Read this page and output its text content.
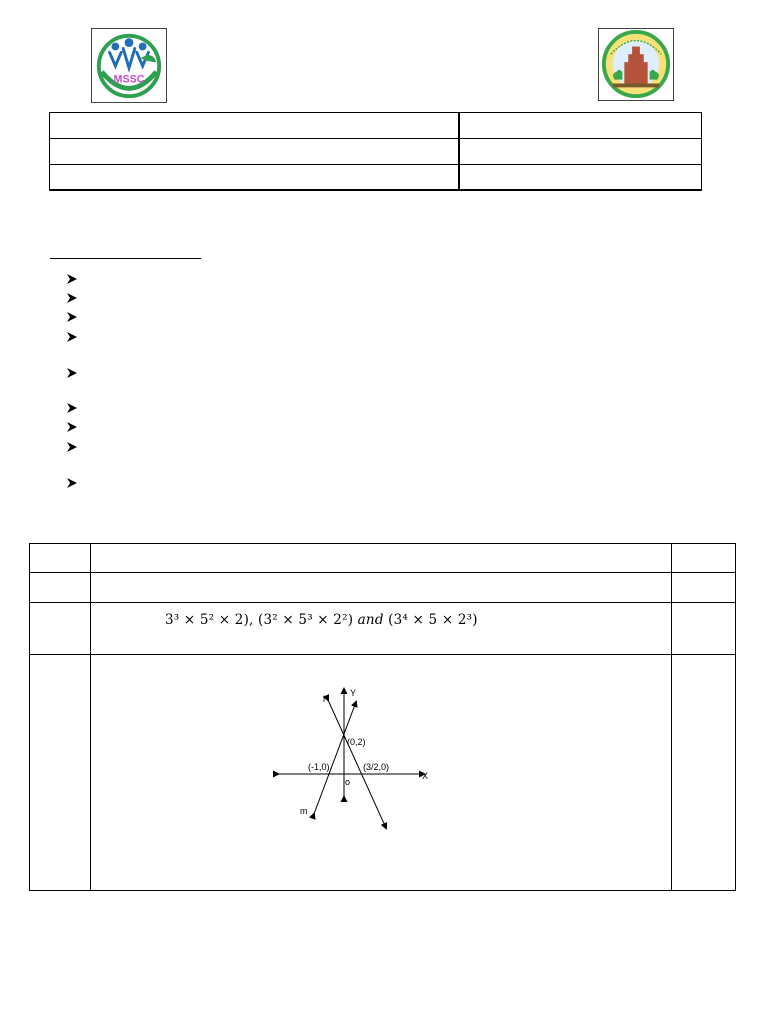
MSSC

3³ × 5² × 2), (3² × 5³ × 2²) and (3⁴ × 5 × 2³)
Y
X
o
l
m
(0,2)
(-1,0)	(3/2,0)
